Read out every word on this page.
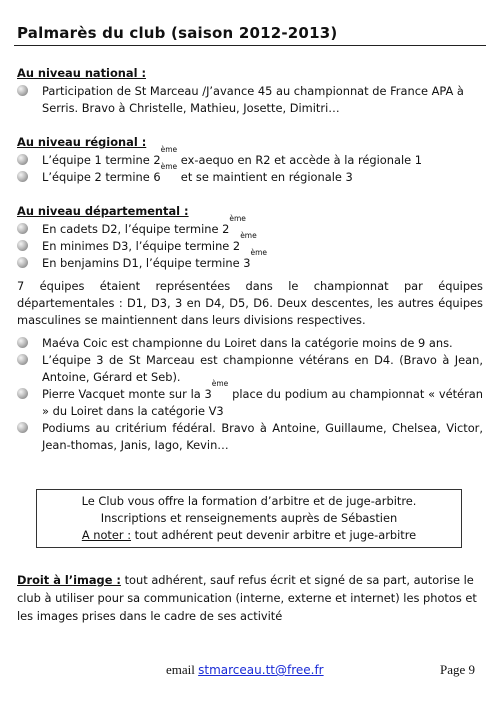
Palmarès du club (saison 2012-2013)

Au niveau national :

Participation de St Marceau /J’avance 45 au championnat de France APA à Serris. Bravo à Christelle, Mathieu, Josette, Dimitri…

Au niveau régional :

L’équipe 1 termine 2ème ex-aequo en R2 et accède à la régionale 1
L’équipe 2 termine 6ème et se maintient en régionale 3

Au niveau départemental :

En cadets D2, l’équipe termine 2ème
En minimes D3, l’équipe termine 2ème
En benjamins D1, l’équipe termine 3ème

7 équipes étaient représentées dans le championnat par équipes départementales : D1, D3, 3 en D4, D5, D6. Deux descentes, les autres équipes masculines se maintiennent dans leurs divisions respectives.

Maéva Coic est championne du Loiret dans la catégorie moins de 9 ans.
L’équipe 3 de St Marceau est championne vétérans en D4. (Bravo à Jean, Antoine, Gérard et Seb).
Pierre Vacquet monte sur la 3ème place du podium au championnat « vétéran » du Loiret dans la catégorie V3
Podiums au critérium fédéral. Bravo à Antoine, Guillaume, Chelsea, Victor, Jean-thomas, Janis, Iago, Kevin…
Le Club vous offre la formation d’arbitre et de juge-arbitre.
Inscriptions et renseignements auprès de Sébastien
A noter : tout adhérent peut devenir arbitre et juge-arbitre
Droit à l’image : tout adhérent, sauf refus écrit et signé de sa part, autorise le club à utiliser pour sa communication (interne, externe et internet) les photos et les images prises dans le cadre de ses activité
email stmarceau.tt@free.fr	Page 9
